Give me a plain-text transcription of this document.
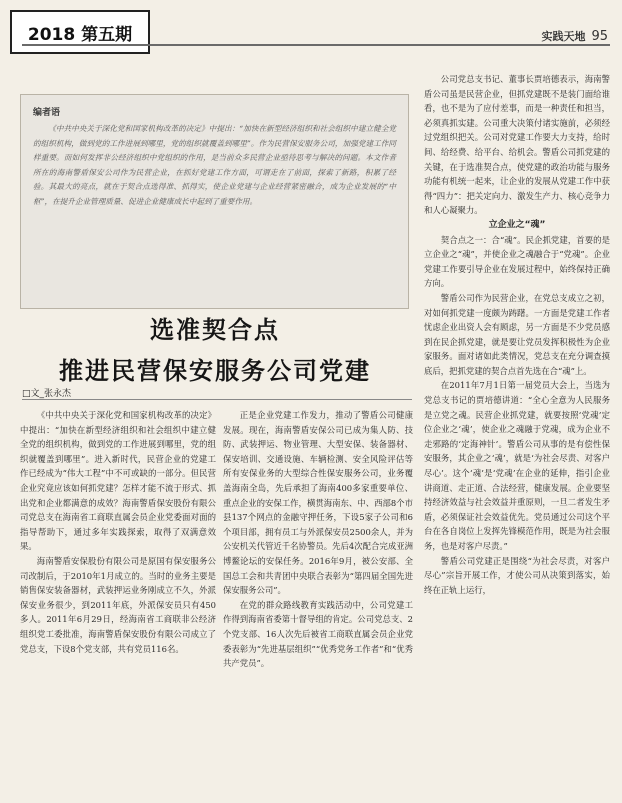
2018 第五期	实践天地 95
编者语
《中共中央关于深化党和国家机构改革的决定》中提出：“加快在新型经济组织和社会组织中建立健全党的组织机构，做到党的工作进展到哪里，党的组织就覆盖到哪里”。作为民营保安服务公司，加强党建工作同样重要。而如何发挥非公经济组织中党组织的作用，是当前众多民营企业亟待思考与解决的问题。本文作者所在的海南警盾保安公司作为民营企业，在抓好党建工作方面，可谓走在了前面，探索了新路，积累了经验。其最大的亮点，就在于契合点选得准、抓得实，使企业党建与企业经营紧密融合，成为企业发展的“中枢”，在提升企业管理质量、促进企业健康成长中起到了重要作用。
选准契合点
推进民营保安服务公司党建
□文_张永杰

《中共中央关于深化党和国家机构改革的决定》中提出：“加快在新型经济组织和社会组织中建立健全党的组织机构，做到党的工作进展到哪里，党的组织就覆盖到哪里”。进入新时代，民营企业的党建工作已经成为“伟大工程”中不可或缺的一部分。但民营企业究竟应该如何抓党建？怎样才能不流于形式、抓出党和企业都满意的成效？海南警盾保安股份有限公司党总支在海南省工商联直属会员企业党委面对面的指导帮助下，通过多年实践探索，取得了双满意效果。

海南警盾安保股份有限公司是原国有保安服务公司改制后，于2010年1月成立的。当时的业务主要是销售保安装备器材，武装押运业务刚成立不久，外派保安业务很少，到2011年底，外派保安员只有450多人。2011年6月29日，经海南省工商联非公经济组织党工委批准，海南警盾保安股份有限公司成立了党总支，下设8个党支部，共有党员116名。

正是企业党建工作发力，推动了警盾公司健康发展。现在，海南警盾安保公司已成为集人防、技防、武装押运、物业管理、大型安保、装备器材、保安培训、交通设施、车辆检测、安全风险评估等所有安保业务的大型综合性保安服务公司，业务覆盖海南全岛，先后承担了海南400多家重要单位、重点企业的安保工作，横贯海南东、中、西部8个市县137个网点的金融守押任务，下设5家子公司和6个项目部，拥有员工与外派保安员2500余人，并为公安机关代管近千名协警员。先后4次配合完成亚洲博鳌论坛的安保任务。2016年9月，被公安部、全国总工会和共青团中央联合表彰为“第四届全国先进保安服务公司”。

在党的群众路线教育实践活动中，公司党建工作得到海南省委第十督导组的肯定。公司党总支、2个党支部、16人次先后被省工商联直属会员企业党委表彰为“先进基层组织”“优秀党务工作者”和“优秀共产党员”。

公司党总支书记、董事长贾培德表示，海南警盾公司虽是民营企业，但抓党建既不是装门面给谁看，也不是为了应付差事，而是一种责任和担当，必须真抓实建。公司重大决策付诸实施前，必须经过党组织把关。公司对党建工作要大力支持，给时间、给经费、给平台、给机会。警盾公司抓党建的关键，在于选准契合点，使党建的政治功能与服务功能有机统一起来，让企业的发展从党建工作中获得“四力”：把关定向力、激发生产力、核心竞争力和人心凝聚力。

立企业之“魂”

契合点之一：合“魂”。民企抓党建，首要的是立企业之“魂”，并使企业之魂融合于“党魂”。企业党建工作要引导企业在发展过程中，始终保持正确方向。

警盾公司作为民营企业，在党总支成立之初，对如何抓党建一度颇为踌躇。一方面是党建工作者忧虑企业出资人会有顾虑，另一方面是不少党员感到在民企抓党建，就是要让党员发挥积极性为企业家服务。面对诸如此类情况，党总支在充分调查摸底后，把抓党建的契合点首先选在合“魂”上。

在2011年7月1日第一届党员大会上，当选为党总支书记的贾培德讲道：“全心全意为人民服务是立党之魂。民营企业抓党建，就要按照‘党魂’定位企业之‘魂’，使企业之魂融于党魂，成为企业不走邪路的‘定海神针’。警盾公司从事的是有偿性保安服务，其企业之‘魂’，就是‘为社会尽责、对客户尽心’。这个‘魂’是‘党魂’在企业的延伸，指引企业讲商道、走正道、合法经营，健康发展。企业要坚持经济效益与社会效益并重原则，一旦二者发生矛盾，必须保证社会效益优先。党员通过公司这个平台在各自岗位上发挥先锋模范作用，既是为社会服务，也是对客户尽责。”

警盾公司党建正是围绕“为社会尽责，对客户尽心”宗旨开展工作，才使公司从决策到落实，始终在正轨上运行，
